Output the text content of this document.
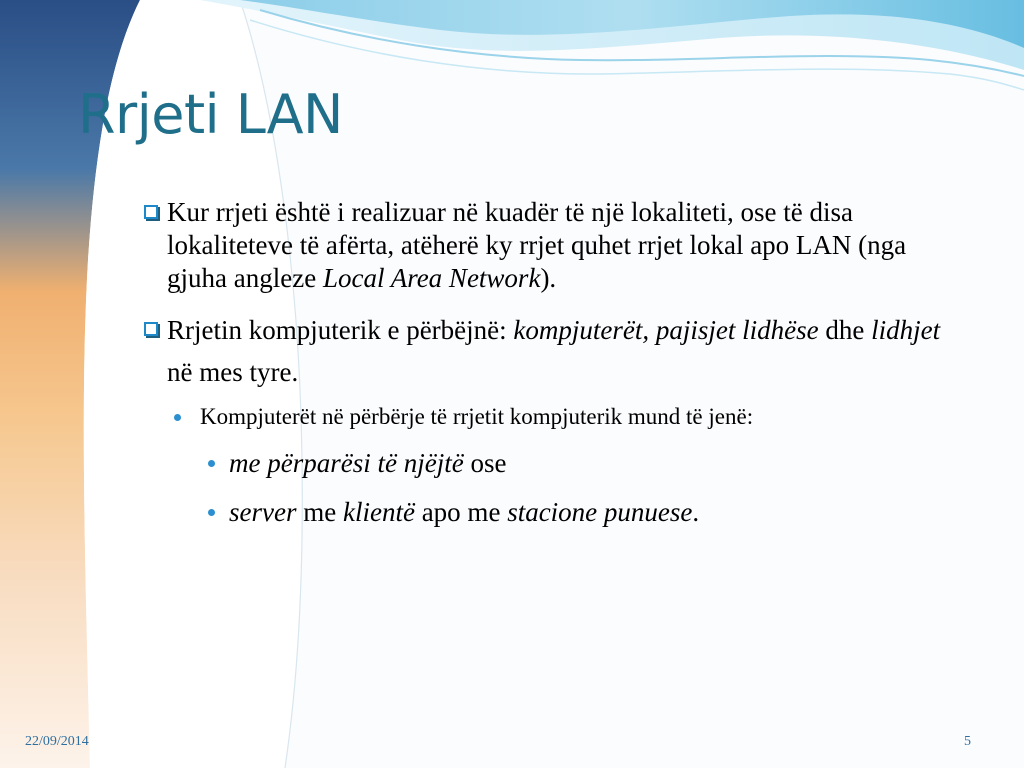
Rrjeti LAN
Kur rrjeti është i realizuar në kuadër të një lokaliteti, ose të disa lokaliteteve të afërta, atëherë ky rrjet quhet rrjet lokal apo LAN (nga gjuha angleze Local Area Network).
Rrjetin kompjuterik e përbëjnë: kompjuterët, pajisjet lidhëse dhe lidhjet në mes tyre.
Kompjuterët në përbërje të rrjetit kompjuterik mund të jenë:
me përparësi të njëjtë ose
server me klientë apo me stacione punuese.
22/09/2014	5
